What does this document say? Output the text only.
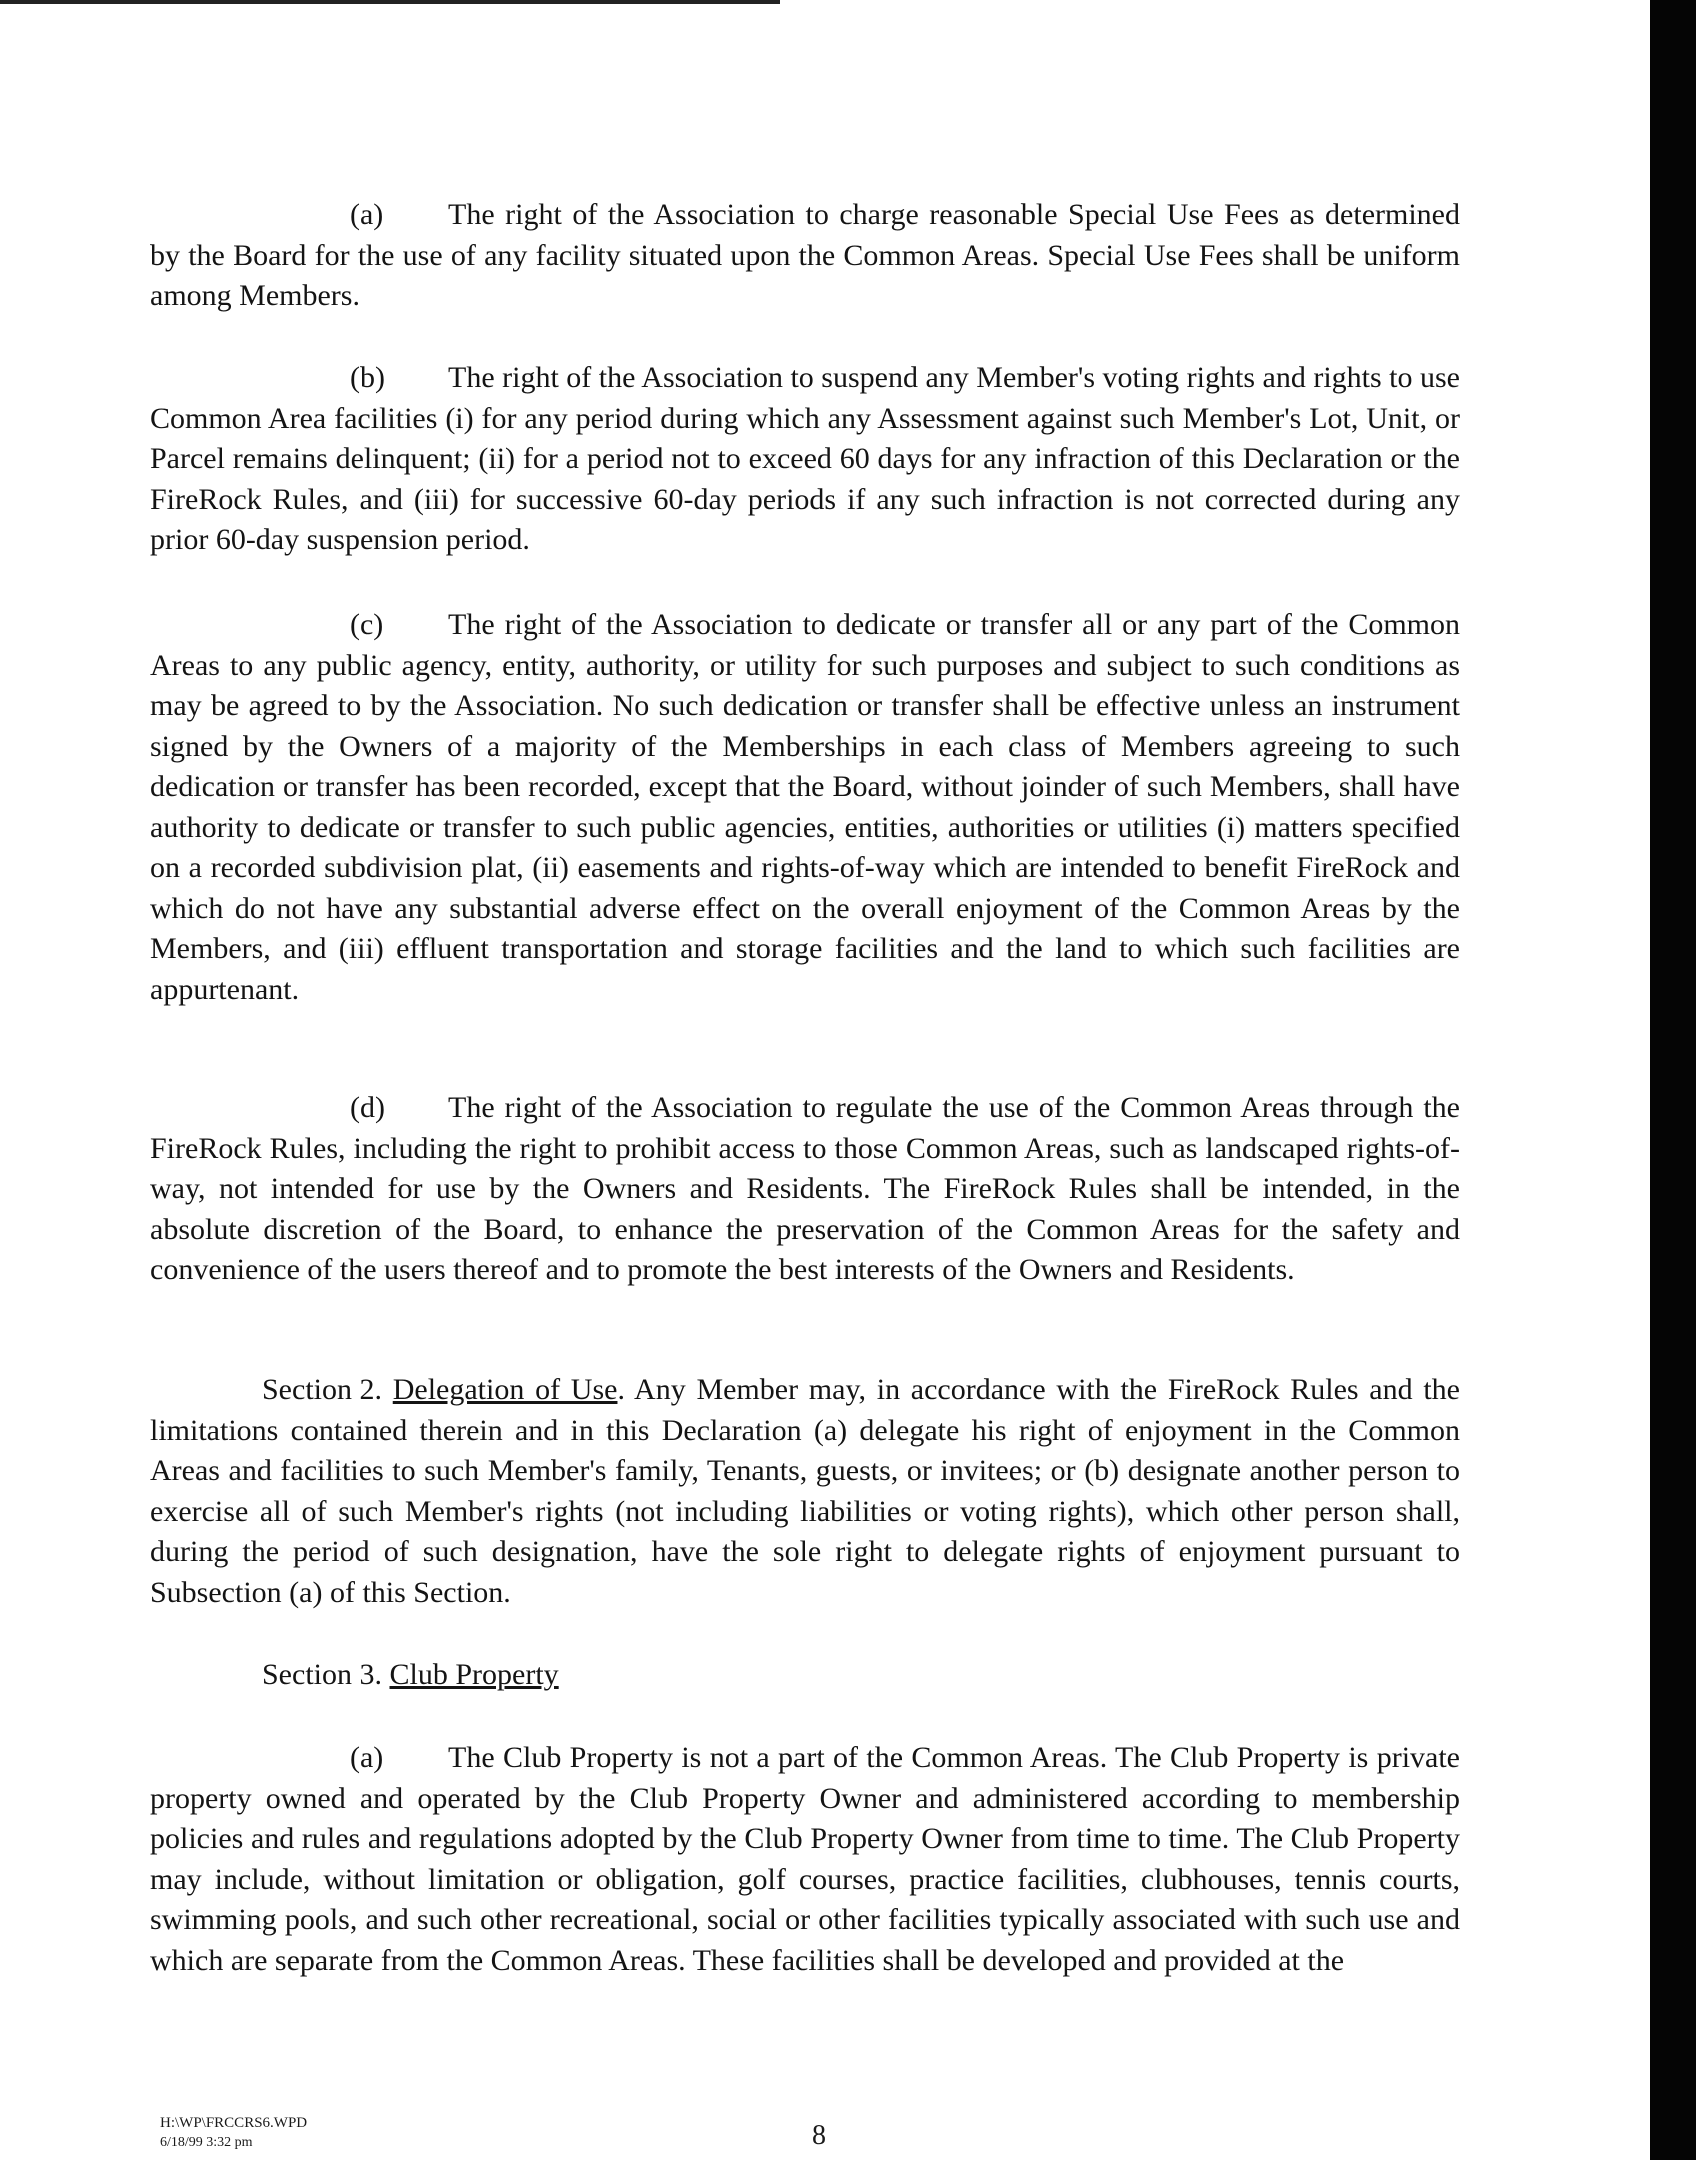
(a) The right of the Association to charge reasonable Special Use Fees as determined by the Board for the use of any facility situated upon the Common Areas. Special Use Fees shall be uniform among Members.

(b) The right of the Association to suspend any Member's voting rights and rights to use Common Area facilities (i) for any period during which any Assessment against such Member's Lot, Unit, or Parcel remains delinquent; (ii) for a period not to exceed 60 days for any infraction of this Declaration or the FireRock Rules, and (iii) for successive 60-day periods if any such infraction is not corrected during any prior 60-day suspension period.

(c) The right of the Association to dedicate or transfer all or any part of the Common Areas to any public agency, entity, authority, or utility for such purposes and subject to such conditions as may be agreed to by the Association. No such dedication or transfer shall be effective unless an instrument signed by the Owners of a majority of the Memberships in each class of Members agreeing to such dedication or transfer has been recorded, except that the Board, without joinder of such Members, shall have authority to dedicate or transfer to such public agencies, entities, authorities or utilities (i) matters specified on a recorded subdivision plat, (ii) easements and rights-of-way which are intended to benefit FireRock and which do not have any substantial adverse effect on the overall enjoyment of the Common Areas by the Members, and (iii) effluent transportation and storage facilities and the land to which such facilities are appurtenant.

(d) The right of the Association to regulate the use of the Common Areas through the FireRock Rules, including the right to prohibit access to those Common Areas, such as landscaped rights-of-way, not intended for use by the Owners and Residents. The FireRock Rules shall be intended, in the absolute discretion of the Board, to enhance the preservation of the Common Areas for the safety and convenience of the users thereof and to promote the best interests of the Owners and Residents.

Section 2. Delegation of Use. Any Member may, in accordance with the FireRock Rules and the limitations contained therein and in this Declaration (a) delegate his right of enjoyment in the Common Areas and facilities to such Member's family, Tenants, guests, or invitees; or (b) designate another person to exercise all of such Member's rights (not including liabilities or voting rights), which other person shall, during the period of such designation, have the sole right to delegate rights of enjoyment pursuant to Subsection (a) of this Section.

Section 3. Club Property

(a) The Club Property is not a part of the Common Areas. The Club Property is private property owned and operated by the Club Property Owner and administered according to membership policies and rules and regulations adopted by the Club Property Owner from time to time. The Club Property may include, without limitation or obligation, golf courses, practice facilities, clubhouses, tennis courts, swimming pools, and such other recreational, social or other facilities typically associated with such use and which are separate from the Common Areas. These facilities shall be developed and provided at the

H:\WP\FRCCRS6.WPD
6/18/99 3:32 pm	8
